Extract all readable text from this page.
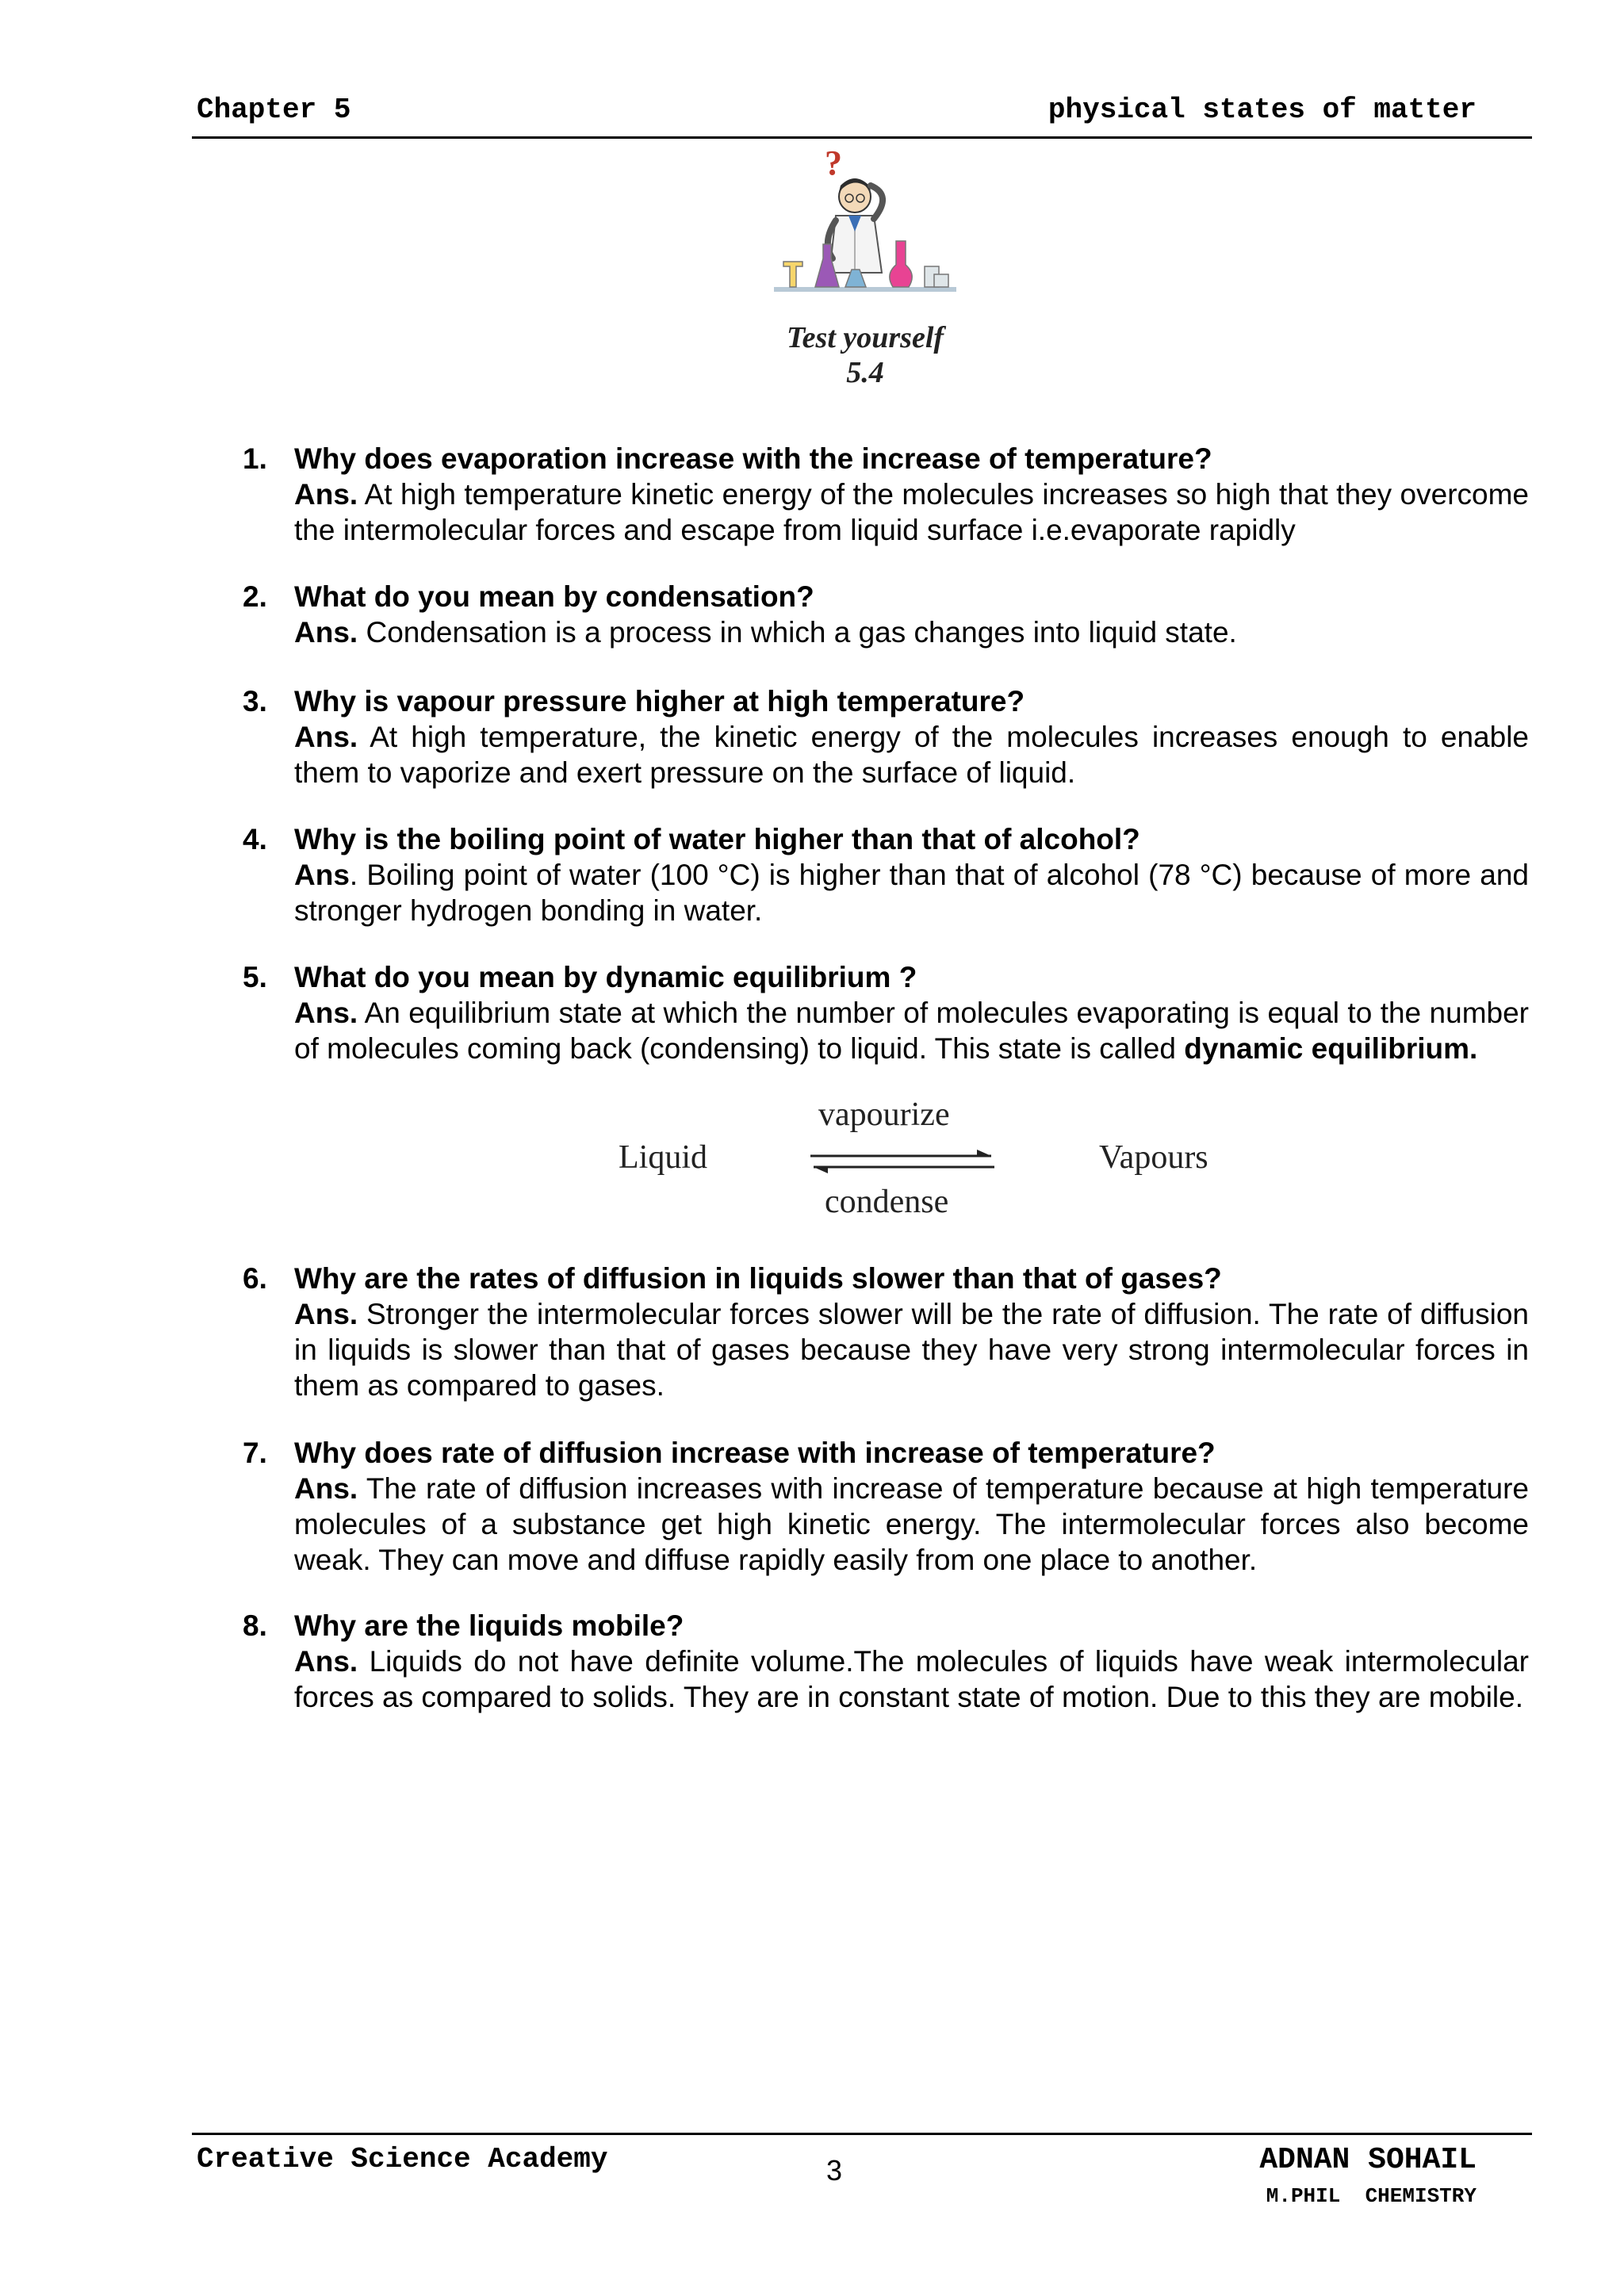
Chapter 5	physical states of matter
?
Test yourself
5.4
1. Why does evaporation increase with the increase of temperature?
Ans. At high temperature kinetic energy of the molecules increases so high that they overcome the intermolecular forces and escape from liquid surface i.e.evaporate rapidly
2. What do you mean by condensation?
Ans. Condensation is a process in which a gas changes into liquid state.
3. Why is vapour pressure higher at high temperature?
Ans. At high temperature, the kinetic energy of the molecules increases enough to enable them to vaporize and exert pressure on the surface of liquid.
4. Why is the boiling point of water higher than that of alcohol?
Ans. Boiling point of water (100 °C) is higher than that of alcohol (78 °C) because of more and stronger hydrogen bonding in water.
5. What do you mean by dynamic equilibrium ?
Ans. An equilibrium state at which the number of molecules evaporating is equal to the number of molecules coming back (condensing) to liquid. This state is called dynamic equilibrium.
Liquid
vapourize
condense
Vapours
6. Why are the rates of diffusion in liquids slower than that of gases?
Ans. Stronger the intermolecular forces slower will be the rate of diffusion. The rate of diffusion in liquids is slower than that of gases because they have very strong intermolecular forces in them as compared to gases.
7. Why does rate of diffusion increase with increase of temperature?
Ans. The rate of diffusion increases with increase of temperature because at high temperature molecules of a substance get high kinetic energy. The intermolecular forces also become weak. They can move and diffuse rapidly easily from one place to another.
8. Why are the liquids mobile?
Ans. Liquids do not have definite volume.The molecules of liquids have weak intermolecular forces as compared to solids. They are in constant state of motion. Due to this they are mobile.
Creative Science Academy	3	ADNAN SOHAIL
M.PHIL  CHEMISTRY
